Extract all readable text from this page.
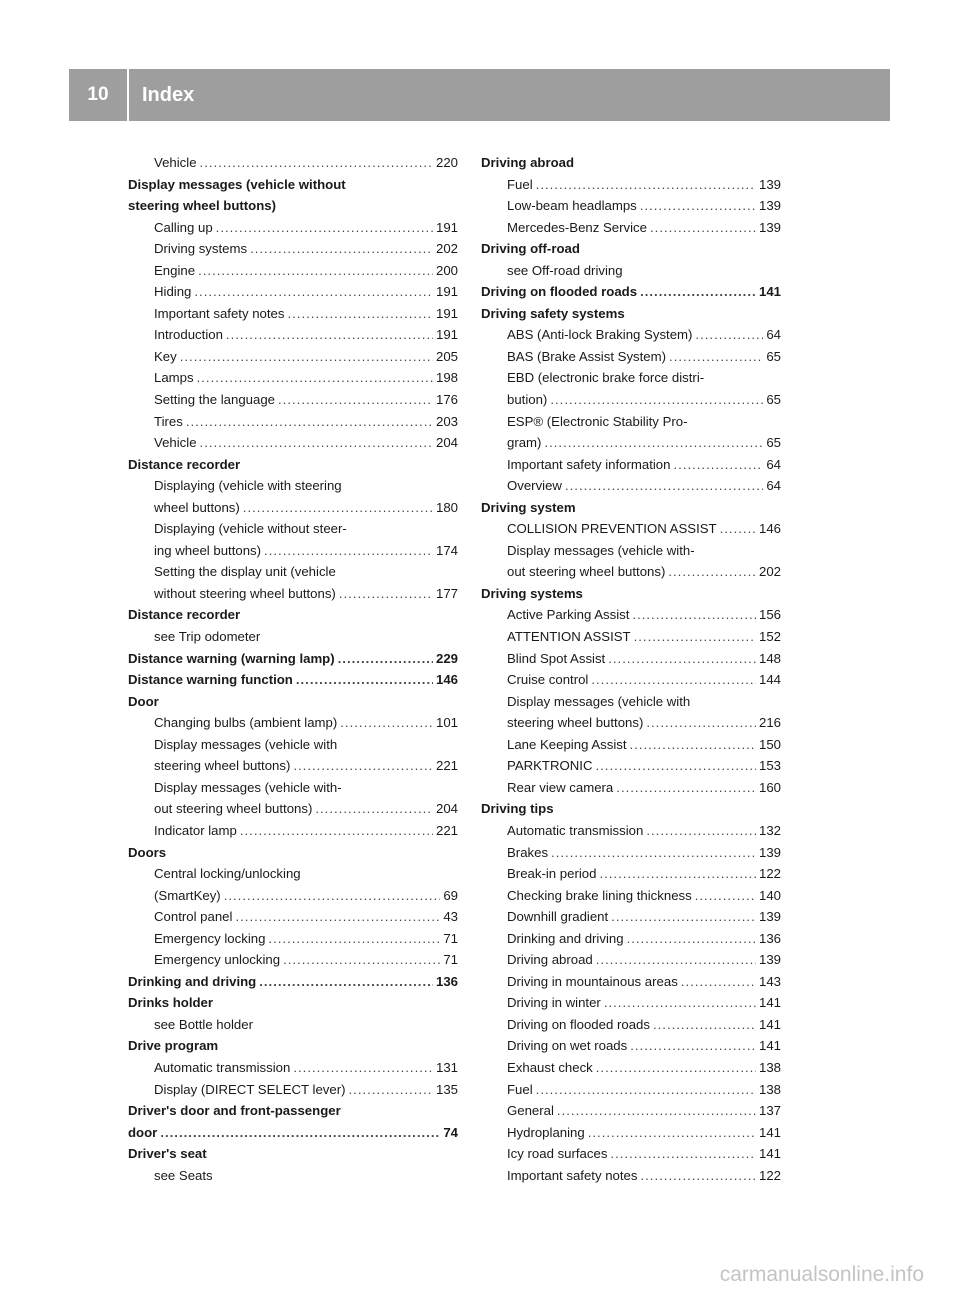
10	Index
Vehicle .....	220
Display messages (vehicle without
steering wheel buttons)
Calling up .....	191
Driving systems .....	202
Engine .....	200
Hiding .....	191
Important safety notes .....	191
Introduction .....	191
Key .....	205
Lamps .....	198
Setting the language .....	176
Tires .....	203
Vehicle .....	204
Distance recorder
Displaying (vehicle with steering
wheel buttons) .....	180
Displaying (vehicle without steer-
ing wheel buttons) .....	174
Setting the display unit (vehicle
without steering wheel buttons) .....	177
Distance recorder
see Trip odometer
Distance warning (warning lamp) .....	229
Distance warning function .....	146
Door
Changing bulbs (ambient lamp) .....	101
Display messages (vehicle with
steering wheel buttons) .....	221
Display messages (vehicle with-
out steering wheel buttons) .....	204
Indicator lamp .....	221
Doors
Central locking/unlocking
(SmartKey) .....	69
Control panel .....	43
Emergency locking .....	71
Emergency unlocking .....	71
Drinking and driving .....	136
Drinks holder
see Bottle holder
Drive program
Automatic transmission .....	131
Display (DIRECT SELECT lever) .....	135
Driver's door and front-passenger
door .....	74
Driver's seat
see Seats
Driving abroad
Fuel .....	139
Low-beam headlamps .....	139
Mercedes-Benz Service .....	139
Driving off-road
see Off-road driving
Driving on flooded roads .....	141
Driving safety systems
ABS (Anti-lock Braking System) .....	64
BAS (Brake Assist System) .....	65
EBD (electronic brake force distri-
bution) .....	65
ESP® (Electronic Stability Pro-
gram) .....	65
Important safety information .....	64
Overview .....	64
Driving system
COLLISION PREVENTION ASSIST .....	146
Display messages (vehicle with-
out steering wheel buttons) .....	202
Driving systems
Active Parking Assist .....	156
ATTENTION ASSIST .....	152
Blind Spot Assist .....	148
Cruise control .....	144
Display messages (vehicle with
steering wheel buttons) .....	216
Lane Keeping Assist .....	150
PARKTRONIC .....	153
Rear view camera .....	160
Driving tips
Automatic transmission .....	132
Brakes .....	139
Break-in period .....	122
Checking brake lining thickness .....	140
Downhill gradient .....	139
Drinking and driving .....	136
Driving abroad .....	139
Driving in mountainous areas .....	143
Driving in winter .....	141
Driving on flooded roads .....	141
Driving on wet roads .....	141
Exhaust check .....	138
Fuel .....	138
General .....	137
Hydroplaning .....	141
Icy road surfaces .....	141
Important safety notes .....	122
carmanualsonline.info
